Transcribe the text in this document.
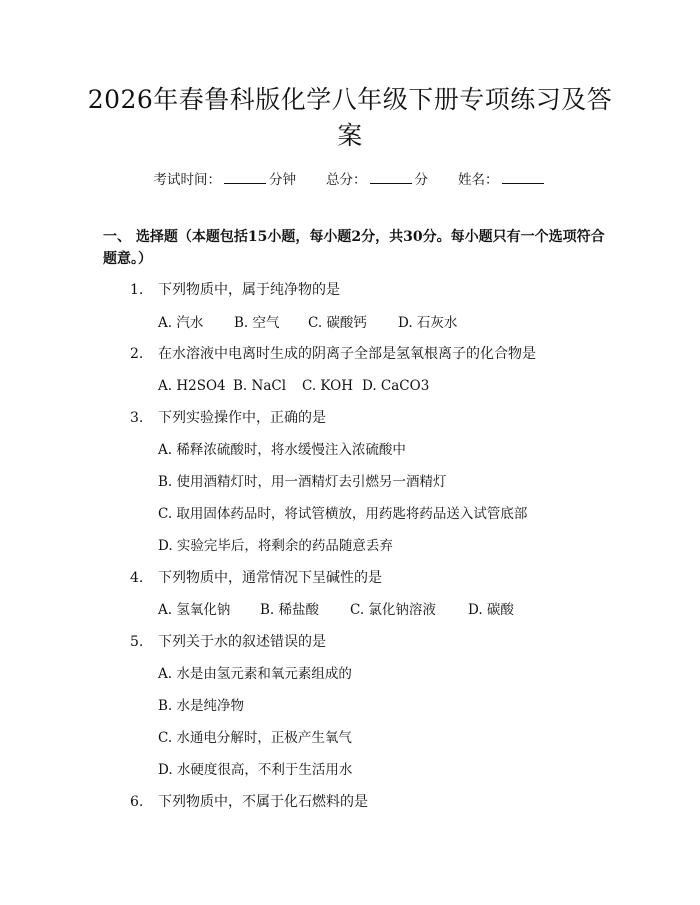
2026年春鲁科版化学八年级下册专项练习及答案
考试时间：	分钟 总分：	分 姓名：
一、 选择题（本题包括15小题，每小题2分，共30分。每小题只有一个选项符合题意。）
1. 下列物质中，属于纯净物的是
A. 汽水	B. 空气	C. 碳酸钙	D. 石灰水
2. 在水溶液中电离时生成的阴离子全部是氢氧根离子的化合物是
A. H2SO4 B. NaCl	C. KOH D. CaCO3
3. 下列实验操作中，正确的是
A. 稀释浓硫酸时，将水缓慢注入浓硫酸中
B. 使用酒精灯时，用一酒精灯去引燃另一酒精灯
C. 取用固体药品时，将试管横放，用药匙将药品送入试管底部
D. 实验完毕后，将剩余的药品随意丢弃
4. 下列物质中，通常情况下呈碱性的是
A. 氢氧化钠	B. 稀盐酸	C. 氯化钠溶液	D. 碳酸
5. 下列关于水的叙述错误的是
A. 水是由氢元素和氧元素组成的
B. 水是纯净物
C. 水通电分解时，正极产生氧气
D. 水硬度很高，不利于生活用水
6. 下列物质中，不属于化石燃料的是
